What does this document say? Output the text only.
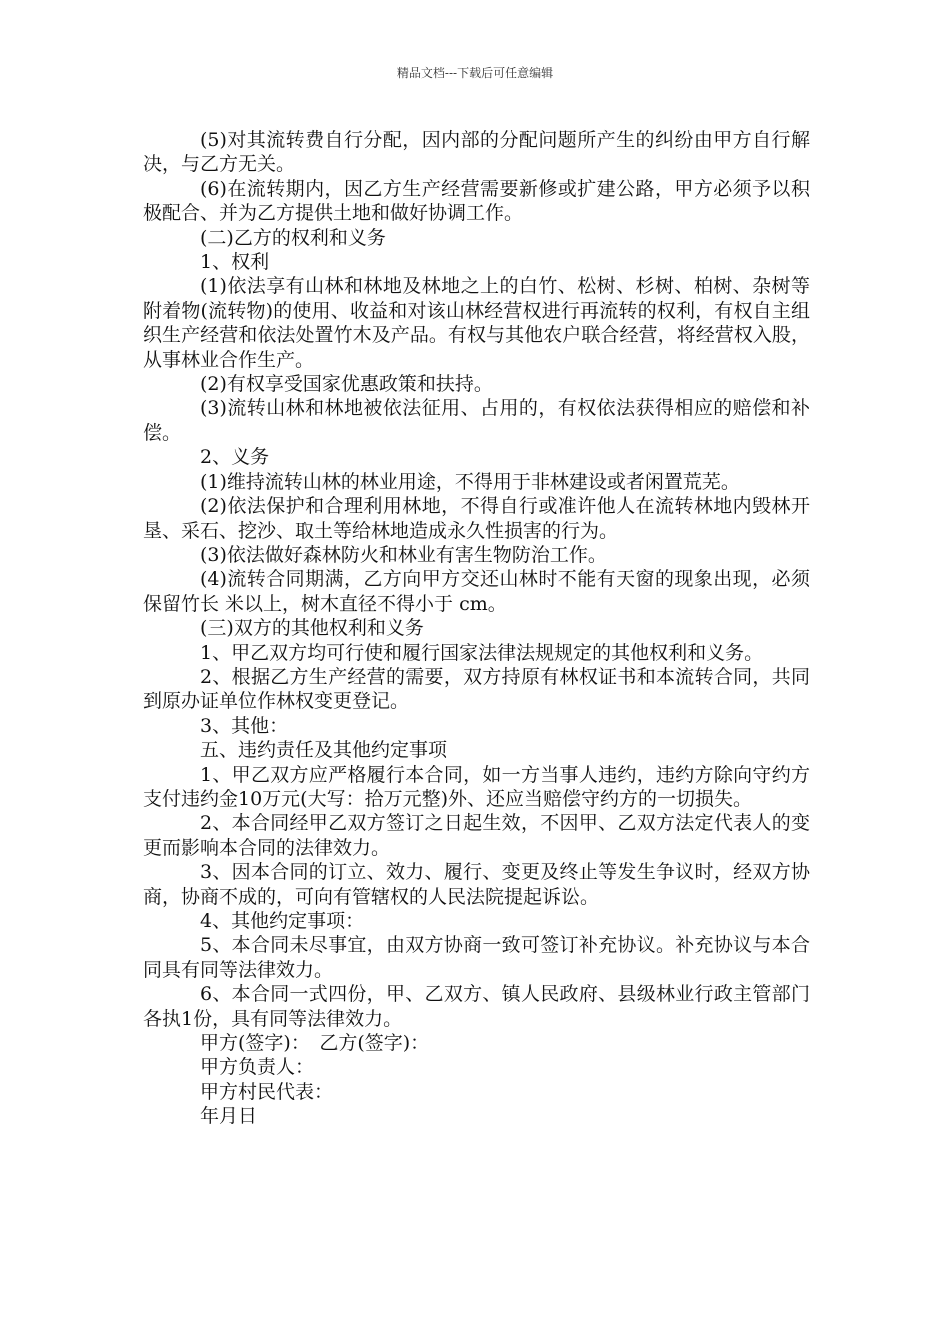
精品文档---下载后可任意编辑

(5)对其流转费自行分配，因内部的分配问题所产生的纠纷由甲方自行解决，与乙方无关。

(6)在流转期内，因乙方生产经营需要新修或扩建公路，甲方必须予以积极配合、并为乙方提供土地和做好协调工作。

(二)乙方的权利和义务

1、权利

(1)依法享有山林和林地及林地之上的白竹、松树、杉树、柏树、杂树等附着物(流转物)的使用、收益和对该山林经营权进行再流转的权利，有权自主组织生产经营和依法处置竹木及产品。有权与其他农户联合经营，将经营权入股，从事林业合作生产。

(2)有权享受国家优惠政策和扶持。

(3)流转山林和林地被依法征用、占用的，有权依法获得相应的赔偿和补偿。

2、义务

(1)维持流转山林的林业用途，不得用于非林建设或者闲置荒芜。

(2)依法保护和合理利用林地，不得自行或准许他人在流转林地内毁林开垦、采石、挖沙、取土等给林地造成永久性损害的行为。

(3)依法做好森林防火和林业有害生物防治工作。

(4)流转合同期满，乙方向甲方交还山林时不能有天窗的现象出现，必须保留竹长 米以上，树木直径不得小于 cm。

(三)双方的其他权利和义务

1、甲乙双方均可行使和履行国家法律法规规定的其他权利和义务。

2、根据乙方生产经营的需要，双方持原有林权证书和本流转合同，共同到原办证单位作林权变更登记。

3、其他：

五、违约责任及其他约定事项

1、甲乙双方应严格履行本合同，如一方当事人违约，违约方除向守约方支付违约金10万元(大写：拾万元整)外、还应当赔偿守约方的一切损失。

2、本合同经甲乙双方签订之日起生效，不因甲、乙双方法定代表人的变更而影响本合同的法律效力。

3、因本合同的订立、效力、履行、变更及终止等发生争议时，经双方协商，协商不成的，可向有管辖权的人民法院提起诉讼。

4、其他约定事项：

5、本合同未尽事宜，由双方协商一致可签订补充协议。补充协议与本合同具有同等法律效力。

6、本合同一式四份，甲、乙双方、镇人民政府、县级林业行政主管部门各执1份，具有同等法律效力。

甲方(签字)：　乙方(签字)：

甲方负责人：

甲方村民代表：

年月日
